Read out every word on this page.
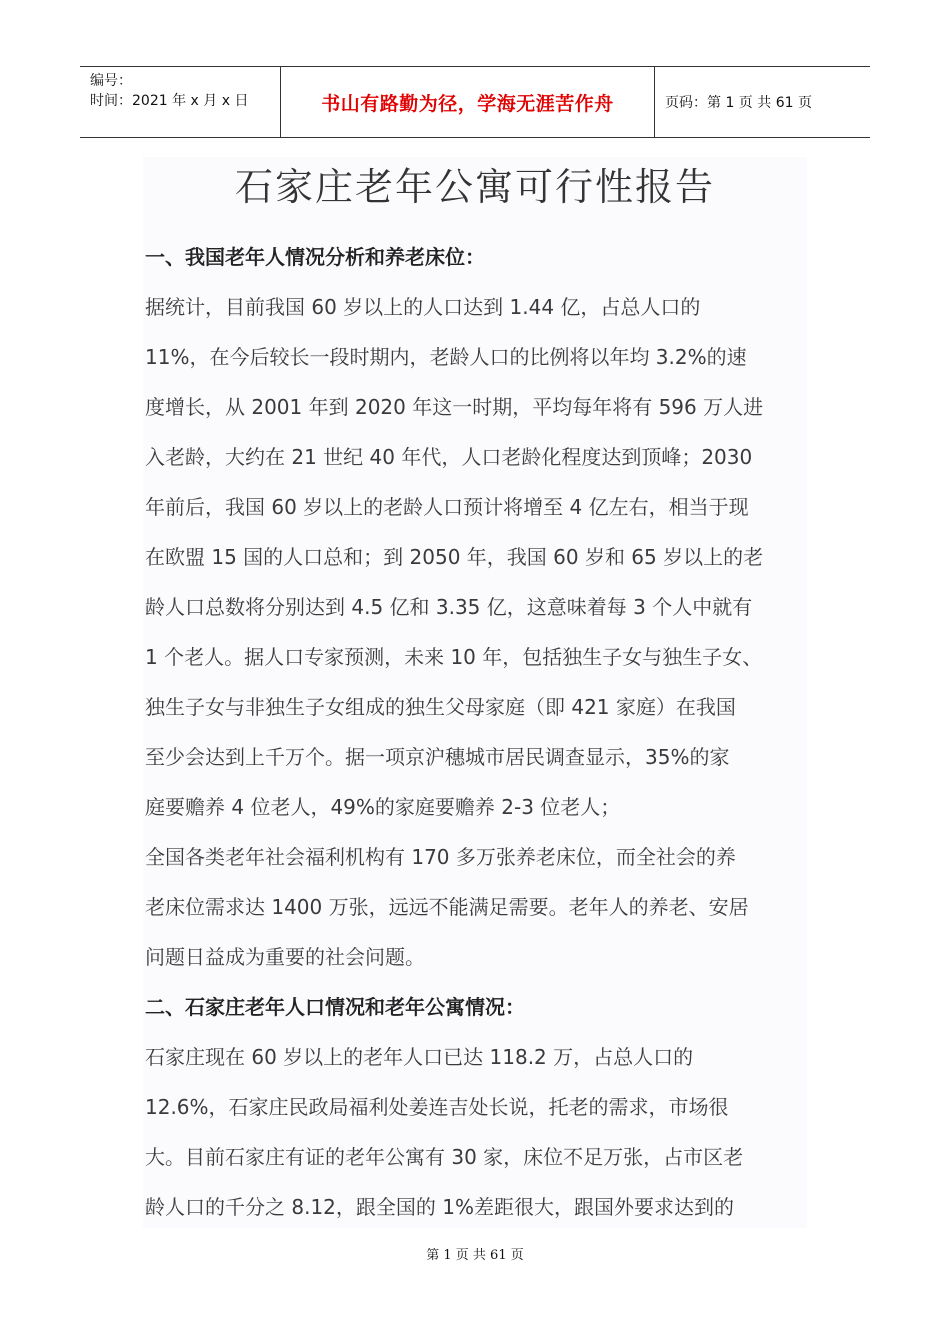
编号：
时间：2021 年 x 月 x 日	书山有路勤为径，学海无涯苦作舟	页码：第 1 页 共 61 页
石家庄老年公寓可行性报告
一、我国老年人情况分析和养老床位：
据统计，目前我国 60 岁以上的人口达到 1.44 亿，占总人口的
11%，在今后较长一段时期内，老龄人口的比例将以年均 3.2%的速
度增长，从 2001 年到 2020 年这一时期，平均每年将有 596 万人进
入老龄，大约在 21 世纪 40 年代，人口老龄化程度达到顶峰；2030
年前后，我国 60 岁以上的老龄人口预计将增至 4 亿左右，相当于现
在欧盟 15 国的人口总和；到 2050 年，我国 60 岁和 65 岁以上的老
龄人口总数将分别达到 4.5 亿和 3.35 亿，这意味着每 3 个人中就有
1 个老人。据人口专家预测，未来 10 年，包括独生子女与独生子女、
独生子女与非独生子女组成的独生父母家庭（即 421 家庭）在我国
至少会达到上千万个。据一项京沪穗城市居民调查显示，35%的家
庭要赡养 4 位老人，49%的家庭要赡养 2-3 位老人；
全国各类老年社会福利机构有 170 多万张养老床位，而全社会的养
老床位需求达 1400 万张，远远不能满足需要。老年人的养老、安居
问题日益成为重要的社会问题。
二、石家庄老年人口情况和老年公寓情况：
石家庄现在 60 岁以上的老年人口已达 118.2 万，占总人口的
12.6%，石家庄民政局福利处姜连吉处长说，托老的需求，市场很
大。目前石家庄有证的老年公寓有 30 家，床位不足万张，占市区老
龄人口的千分之 8.12，跟全国的 1%差距很大，跟国外要求达到的
第 1 页 共 61 页
